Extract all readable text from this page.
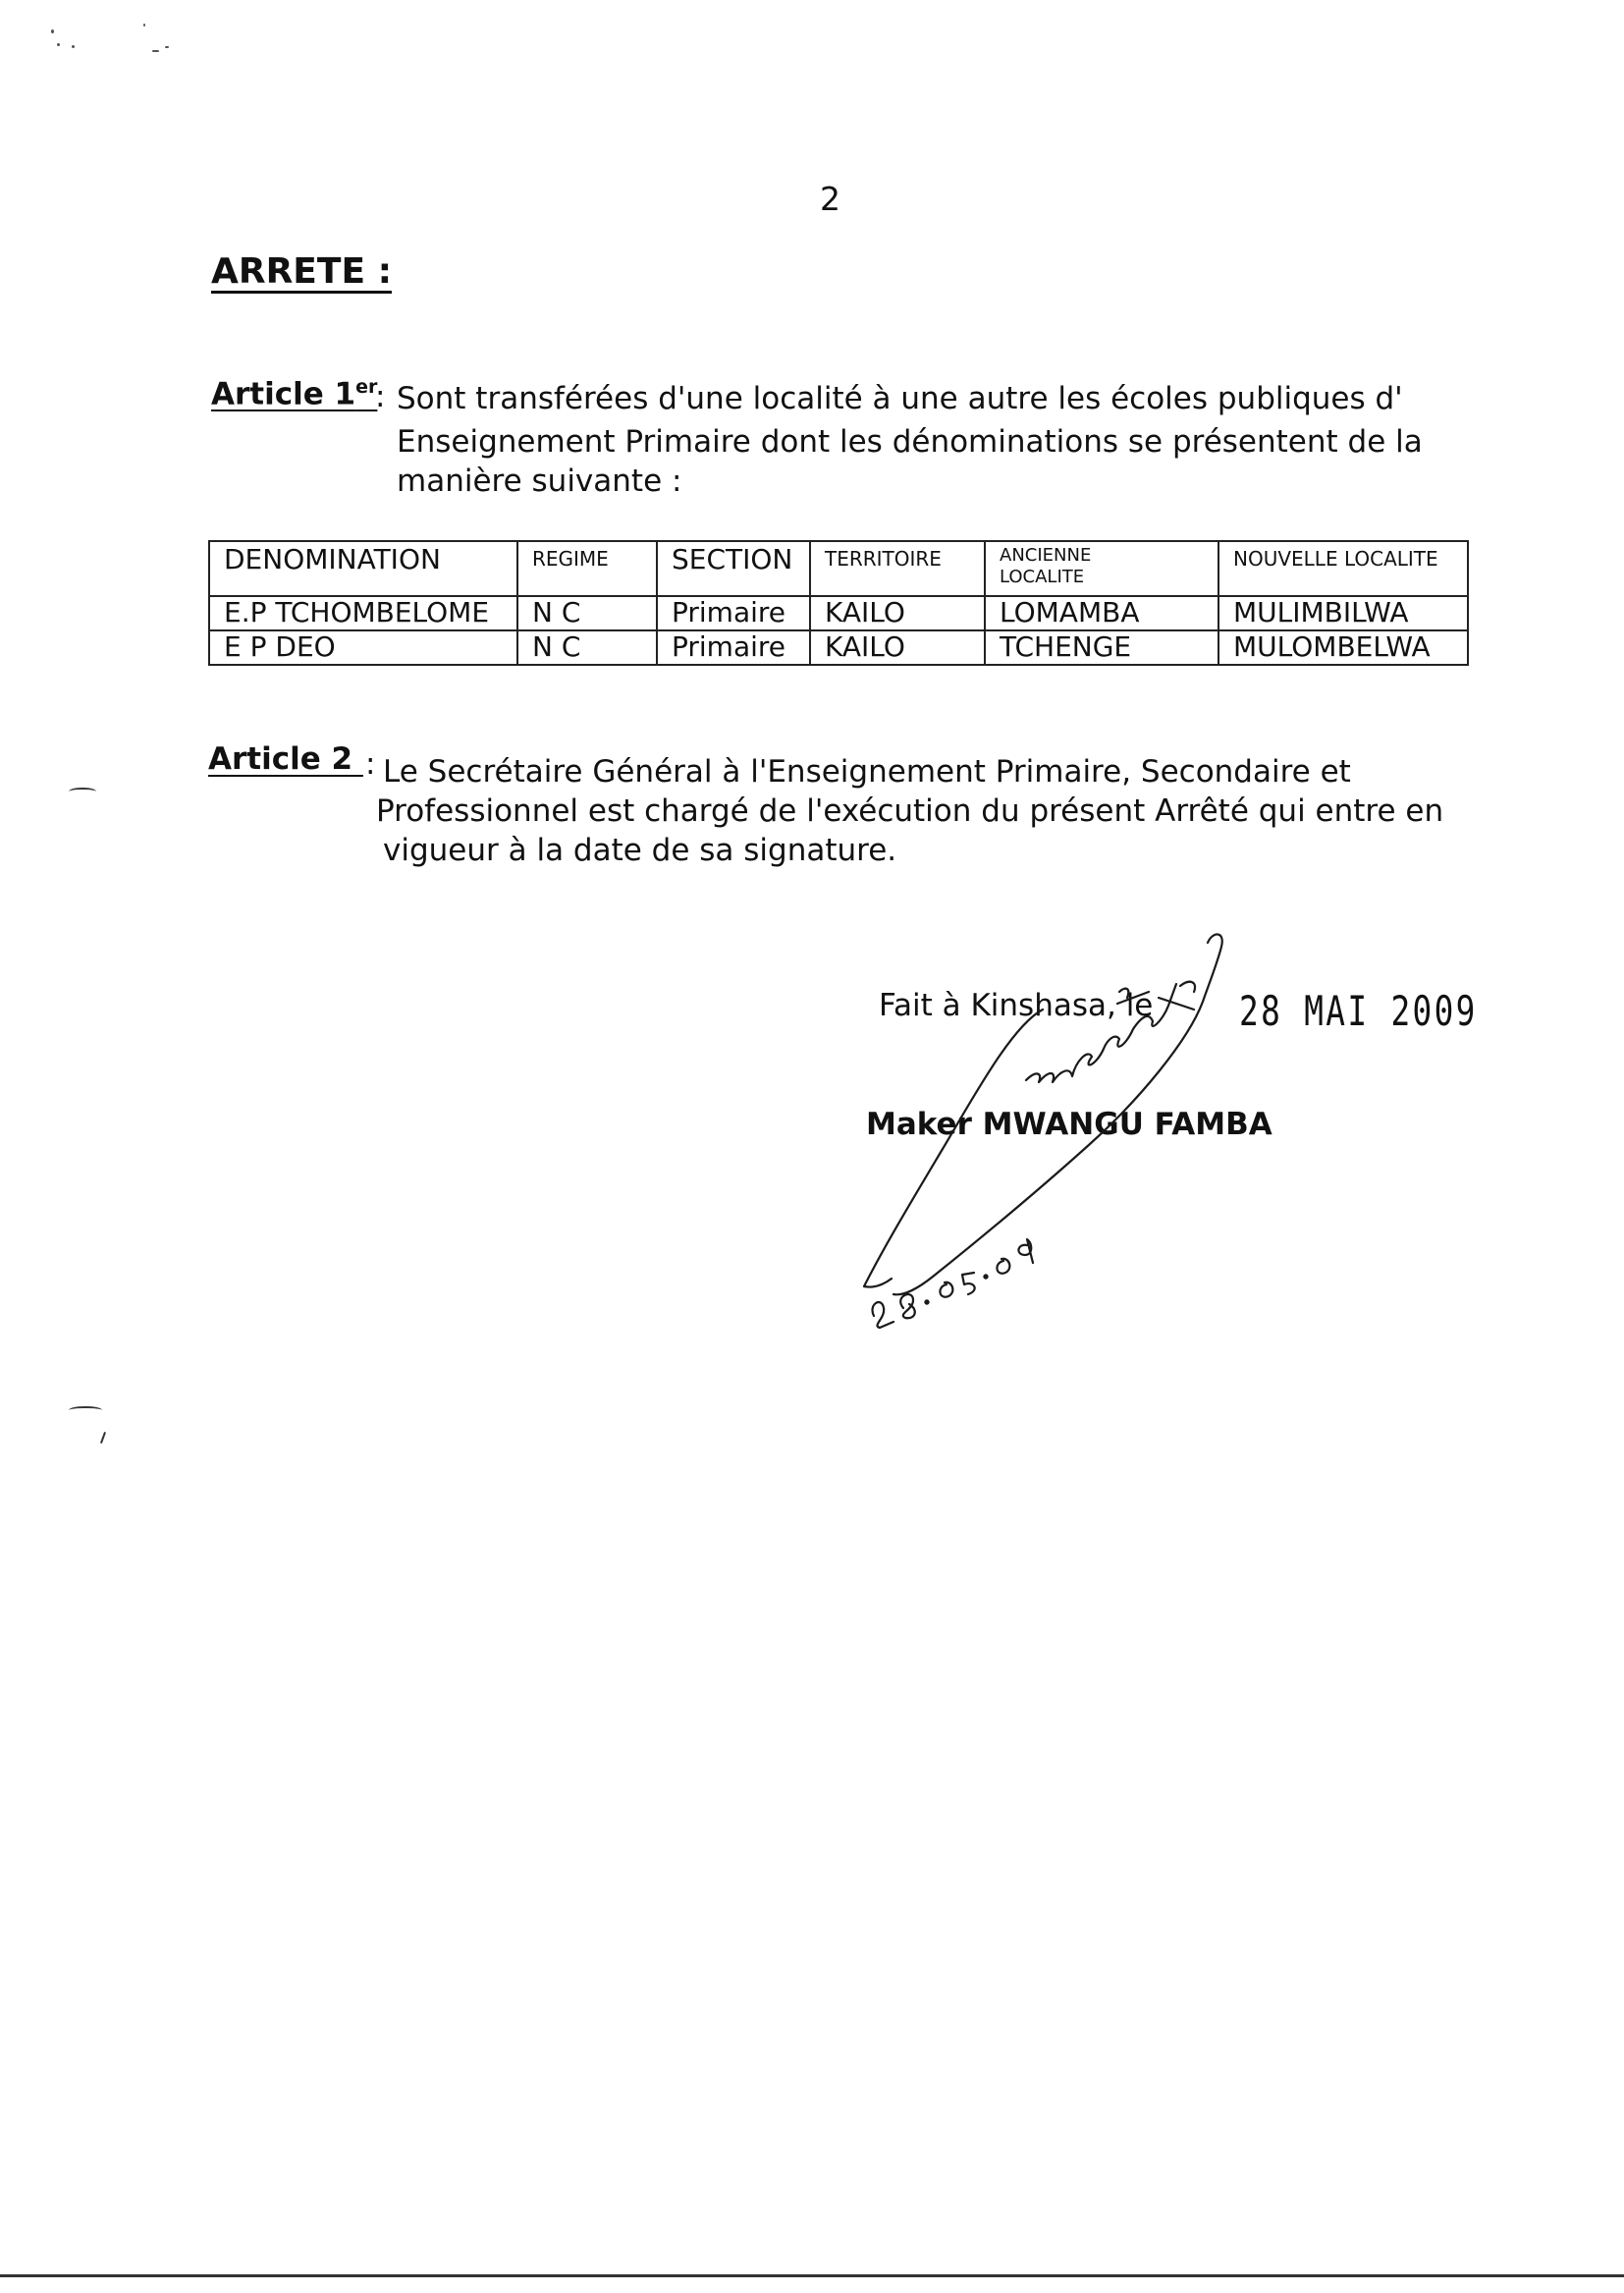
2
ARRETE :
Article 1er
: Sont transférées d'une localité à une autre les écoles publiques d'
Enseignement Primaire dont les dénominations se présentent de la
manière suivante :
DENOMINATION	REGIME	SECTION	TERRITOIRE	ANCIENNE LOCALITE	NOUVELLE LOCALITE
E.P TCHOMBELOME	N C	Primaire	KAILO	LOMAMBA	MULIMBILWA
E P DEO	N C	Primaire	KAILO	TCHENGE	MULOMBELWA
Article 2 : Le Secrétaire Général à l'Enseignement Primaire, Secondaire et
Professionnel est chargé de l'exécution du présent Arrêté qui entre en
vigueur à la date de sa signature.
Fait à Kinshasa, le 28 MAI 2009
Maker MWANGU FAMBA
